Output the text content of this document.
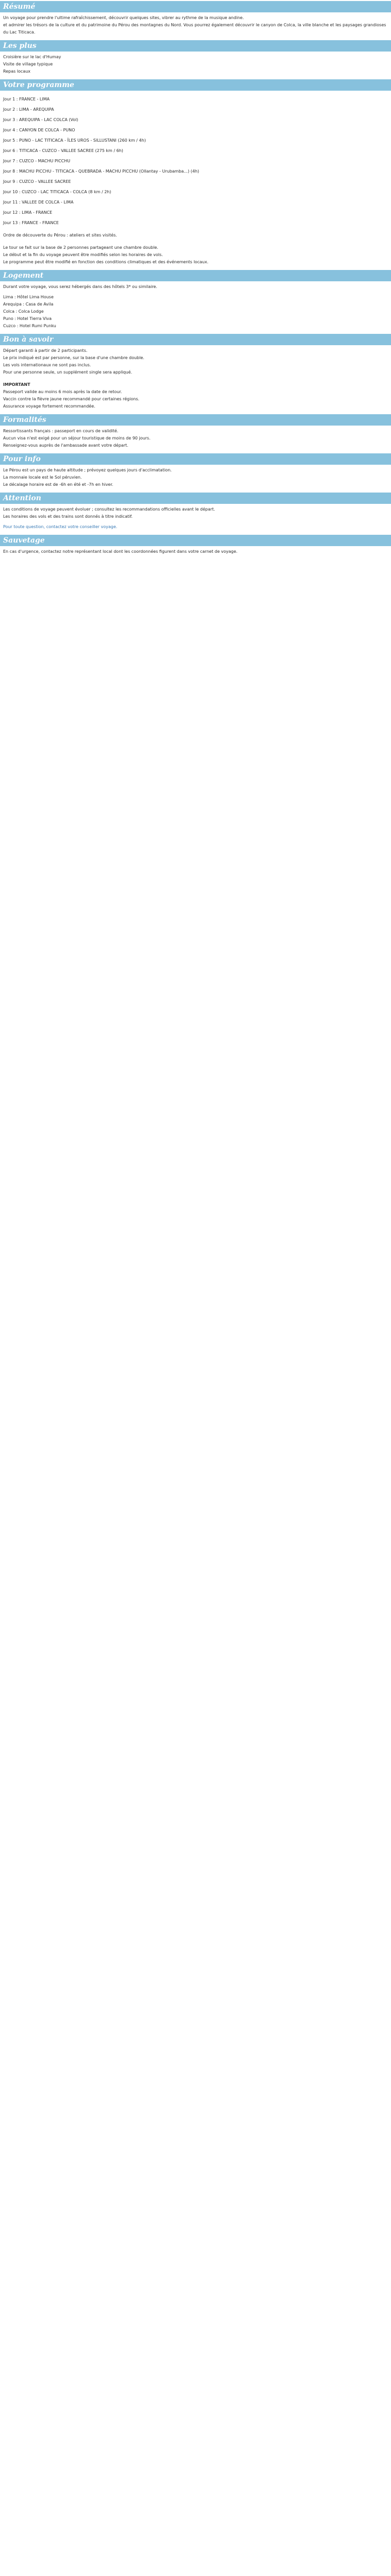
Résumé
Un voyage pour prendre l'ultime rafraîchissement, découvrir quelques sites, vibrer au rythme de la musique andine.
et admirer les trésors de la culture et du patrimoine du Pérou des montagnes du Nord. Vous pourrez également découvrir le canyon de Colca, la ville blanche et les paysages grandioses du Lac Titicaca.
Les plus
Croisière sur le lac d'Humay
Visite de village typique
Repas locaux
Votre programme
Jour 1 : FRANCE - LIMA
Jour 2 : LIMA - AREQUIPA
Jour 3 : AREQUIPA - LAC COLCA (Vol)
Jour 4 : CANYON DE COLCA - PUNO
Jour 5 : PUNO - LAC TITICACA - ÎLES UROS - SILLUSTANI (260 km / 4h)
Jour 6 : TITICACA - CUZCO - VALLEE SACREE (275 km / 6h)
Jour 7 : CUZCO - MACHU PICCHU
Jour 8 : MACHU PICCHU - TITICACA - QUEBRADA - MACHU PICCHU (Ollantay - Urubamba...) (4h)
Jour 9 : CUZCO - VALLEE SACREE
Jour 10 : CUZCO - LAC TITICACA - COLCA (8 km / 2h)
Jour 11 : VALLEE DE COLCA - LIMA
Jour 12 : LIMA - FRANCE
Jour 13 : FRANCE - FRANCE
Ordre de découverte du Pérou : ateliers et sites visités.
Le tour se fait sur la base de 2 personnes partageant une chambre double.
Le début et la fin du voyage peuvent être modifiés selon les horaires de vols.
Le programme peut être modifié en fonction des conditions climatiques et des événements locaux.
Logement
Durant votre voyage, vous serez hébergés dans des hôtels 3* ou similaire.
Lima : Hôtel Lima House
Arequipa : Casa de Avila
Colca : Colca Lodge
Puno : Hotel Tierra Viva
Cuzco : Hotel Rumi Punku
Bon à savoir
Départ garanti à partir de 2 participants.
Le prix indiqué est par personne, sur la base d'une chambre double.
Les vols internationaux ne sont pas inclus.
Pour une personne seule, un supplément single sera appliqué.
IMPORTANT
Passeport valide au moins 6 mois après la date de retour.
Vaccin contre la fièvre jaune recommandé pour certaines régions.
Assurance voyage fortement recommandée.
Formalités
Ressortissants français : passeport en cours de validité.
Aucun visa n'est exigé pour un séjour touristique de moins de 90 jours.
Renseignez-vous auprès de l'ambassade avant votre départ.
Pour info
Le Pérou est un pays de haute altitude ; prévoyez quelques jours d'acclimatation.
La monnaie locale est le Sol péruvien.
Le décalage horaire est de -6h en été et -7h en hiver.
Attention
Les conditions de voyage peuvent évoluer ; consultez les recommandations officielles avant le départ.
Les horaires des vols et des trains sont donnés à titre indicatif.
Pour toute question, contactez votre conseiller voyage.
Sauvetage
En cas d'urgence, contactez notre représentant local dont les coordonnées figurent dans votre carnet de voyage.
